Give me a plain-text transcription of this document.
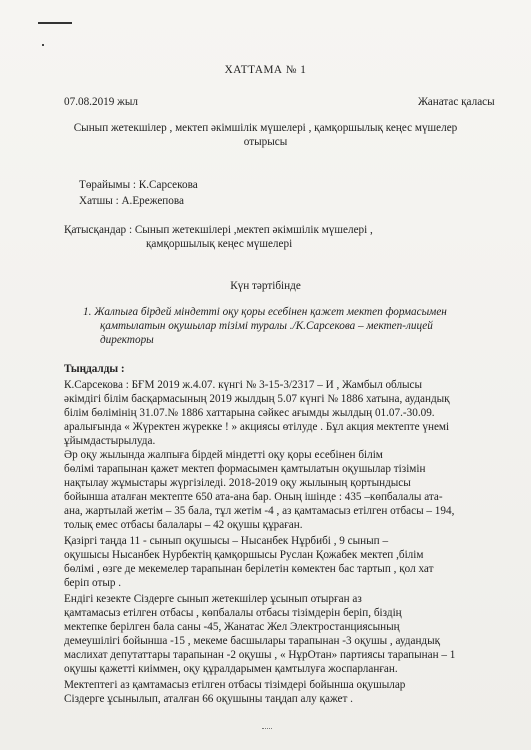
ХАТТАМА № 1
07.08.2019 жыл	Жанатас қаласы
Сынып жетекшілер , мектеп әкімшілік мүшелері , қамқоршылық кеңес мүшелер
отырысы
Төрайымы : К.Сарсекова
Хатшы : А.Ережепова
Қатысқандар : Сынып жетекшілері ,мектеп әкімшілік мүшелері ,
қамқоршылық кеңес мүшелері
Күн тәртібінде
1. Жалпыға бірдей міндетті оқу қоры есебінен қажет мектеп формасымен
қамтылатын оқушылар тізімі туралы ./К.Сарсекова – мектеп-лицей
директоры
Тыңдалды :
К.Сарсекова : БҒМ 2019 ж.4.07. күнгі № 3-15-3/2317 – И , Жамбыл облысы
әкімдігі білім басқармасының 2019 жылдың 5.07 күнгі № 1886 хатына, аудандық
білім бөлімінің 31.07.№ 1886 хаттарына сәйкес ағымды жылдың 01.07.-30.09.
аралығында « Жүректен жүрекке ! » акциясы өтілуде . Бұл акция мектепте үнемі
ұйымдастырылуда.
Әр оқу жылында жалпыға бірдей міндетті оқу қоры есебінен білім
бөлімі тарапынан қажет мектеп формасымен қамтылатын оқушылар тізімін
нақтылау жұмыстары жүргізіледі. 2018-2019 оқу жылының қортындысы
бойынша аталған мектепте 650 ата-ана бар. Оның ішінде : 435 –көпбалалы ата-
ана, жартылай жетім – 35 бала, тұл жетім -4 , аз қамтамасыз етілген отбасы – 194,
толық емес отбасы балалары – 42 оқушы құраған.
Қазіргі таңда 11 - сынып оқушысы – Нысанбек Нұрбибі , 9 сынып –
оқушысы Нысанбек Нурбектің қамқоршысы Руслан Қожабек мектеп ,білім
бөлімі , өзге де мекемелер тарапынан берілетін көмектен бас тартып , қол хат
беріп отыр .
Ендігі кезекте Сіздерге сынып жетекшілер ұсынып отырған аз
қамтамасыз етілген отбасы , көпбалалы отбасы тізімдерін беріп, біздің
мектепке берілген бала саны -45, Жанатас Жел Электростанциясының
демеушілігі бойынша -15 , мекеме басшылары тарапынан -3 оқушы , аудандық
маслихат депутаттары тарапынан -2 оқушы , « НұрОтан» партиясы тарапынан – 1
оқушы қажетті киіммен, оқу құралдарымен қамтылуға жоспарланған.
Мектептегі аз қамтамасыз етілген отбасы тізімдері бойынша оқушылар
Сіздерге ұсынылып, аталған 66 оқушыны таңдап алу қажет .
